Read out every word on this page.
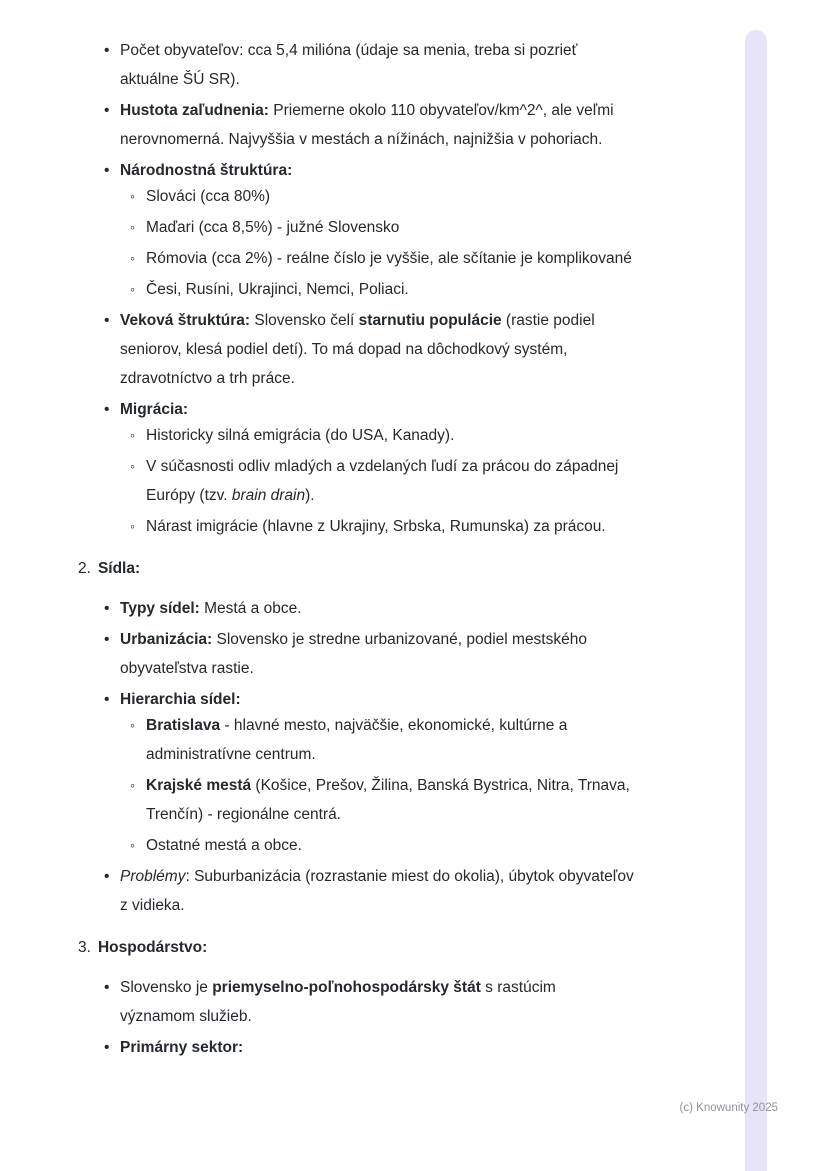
• Počet obyvateľov: cca 5,4 milióna (údaje sa menia, treba si pozrieť aktuálne ŠÚ SR).
• Hustota zaľudnenia: Priemerne okolo 110 obyvateľov/km^2^, ale veľmi nerovnomerná. Najvyššia v mestách a nížinách, najnižšia v pohoriach.
• Národnostná štruktúra:
◦ Slováci (cca 80%)
◦ Maďari (cca 8,5%) - južné Slovensko
◦ Rómovia (cca 2%) - reálne číslo je vyššie, ale sčítanie je komplikované
◦ Česi, Rusíni, Ukrajinci, Nemci, Poliaci.
• Veková štruktúra: Slovensko čelí starnutiu populácie (rastie podiel seniorov, klesá podiel detí). To má dopad na dôchodkový systém, zdravotníctvo a trh práce.
• Migrácia:
◦ Historicky silná emigrácia (do USA, Kanady).
◦ V súčasnosti odliv mladých a vzdelaných ľudí za prácou do západnej Európy (tzv. brain drain).
◦ Nárast imigrácie (hlavne z Ukrajiny, Srbska, Rumunska) za prácou.
2. Sídla:
• Typy sídel: Mestá a obce.
• Urbanizácia: Slovensko je stredne urbanizované, podiel mestského obyvateľstva rastie.
• Hierarchia sídel:
◦ Bratislava - hlavné mesto, najväčšie, ekonomické, kultúrne a administratívne centrum.
◦ Krajské mestá (Košice, Prešov, Žilina, Banská Bystrica, Nitra, Trnava, Trenčín) - regionálne centrá.
◦ Ostatné mestá a obce.
• Problémy: Suburbanizácia (rozrastanie miest do okolia), úbytok obyvateľov z vidieka.
3. Hospodárstvo:
• Slovensko je priemyselno-poľnohospodársky štát s rastúcim významom služieb.
• Primárny sektor:
(c) Knowunity 2025
